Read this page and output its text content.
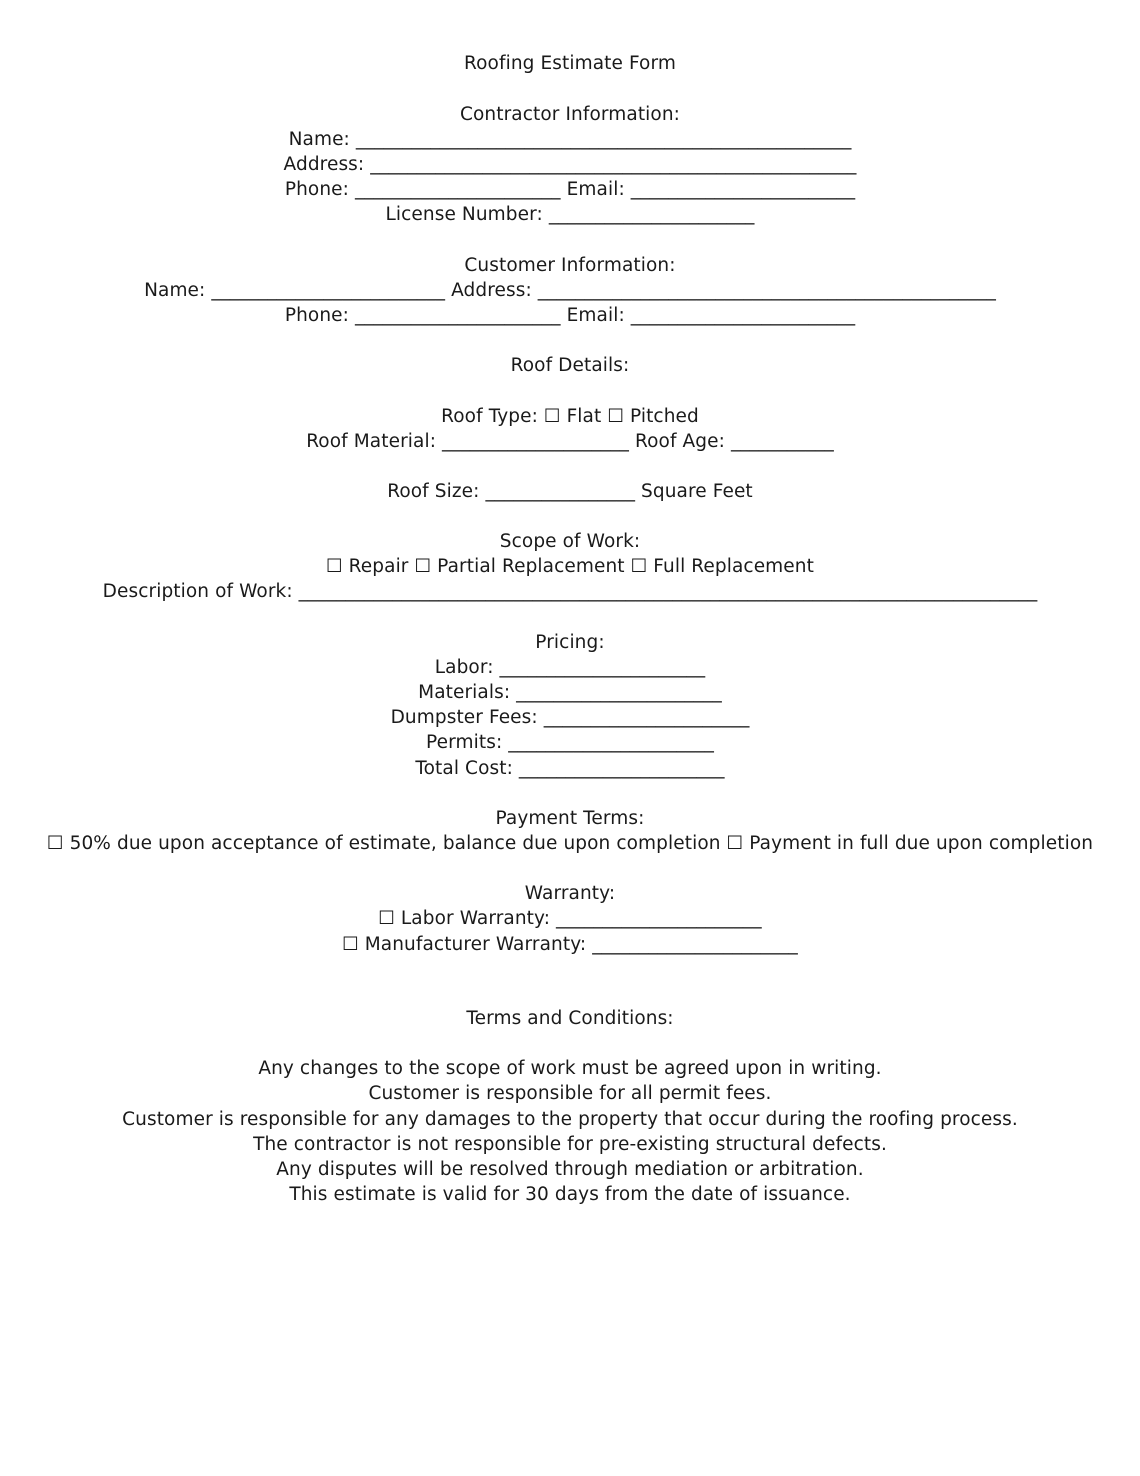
Roofing Estimate Form
Contractor Information:
Name: _____________________________________________________
Address: ____________________________________________________
Phone: ______________________ Email: ________________________
License Number: ______________________
Customer Information:
Name: _________________________ Address: _________________________________________________
Phone: ______________________ Email: ________________________
Roof Details:
Roof Type: ☐ Flat ☐ Pitched
Roof Material: ____________________ Roof Age: ___________
Roof Size: ________________ Square Feet
Scope of Work:
☐ Repair ☐ Partial Replacement ☐ Full Replacement
Description of Work: _______________________________________________________________________________
Pricing:
Labor: ______________________
Materials: ______________________
Dumpster Fees: ______________________
Permits: ______________________
Total Cost: ______________________
Payment Terms:
☐ 50% due upon acceptance of estimate, balance due upon completion ☐ Payment in full due upon completion
Warranty:
☐ Labor Warranty: ______________________
☐ Manufacturer Warranty: ______________________
Terms and Conditions:
Any changes to the scope of work must be agreed upon in writing.
Customer is responsible for all permit fees.
Customer is responsible for any damages to the property that occur during the roofing process.
The contractor is not responsible for pre-existing structural defects.
Any disputes will be resolved through mediation or arbitration.
This estimate is valid for 30 days from the date of issuance.
